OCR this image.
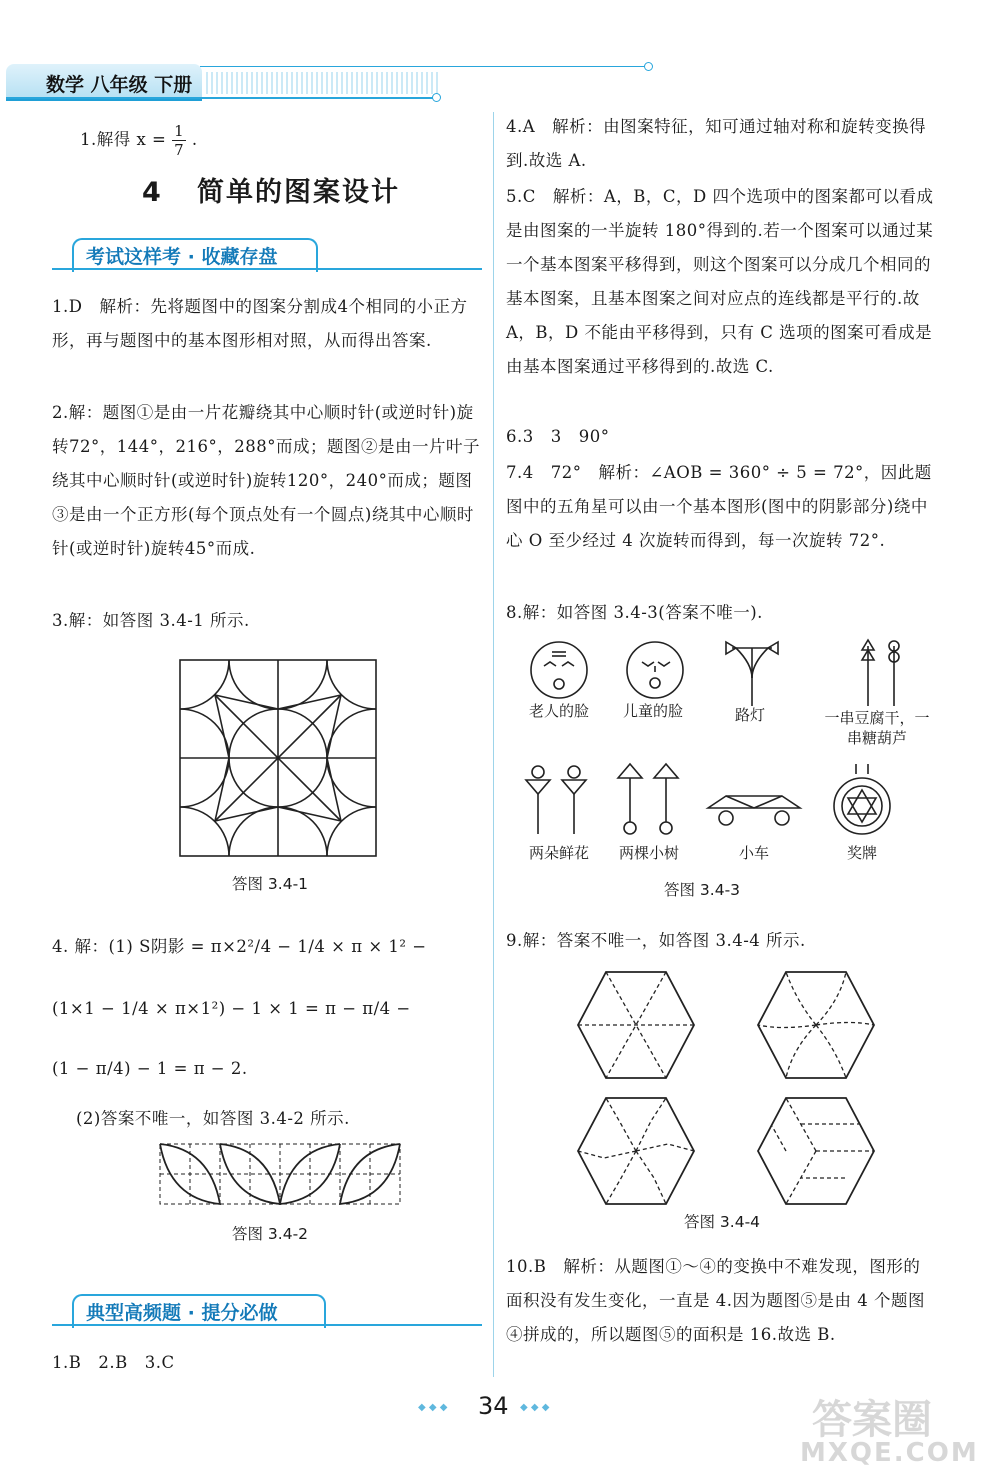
数学 八年级 下册
1.解得 $x = \frac{1}{7}$ .
4 简单的图案设计
考试这样考 · 收藏存盘
1.D　解析：先将题图中的图案分割成4个相同的小正方形，再与题图中的基本图形相对照，从而得出答案.
2.解：题图①是由一片花瓣绕其中心顺时针(或逆时针)旋转72°，144°，216°，288°而成；题图②是由一片叶子绕其中心顺时针(或逆时针)旋转120°，240°而成；题图③是由一个正方形(每个顶点处有一个圆点)绕其中心顺时针(或逆时针)旋转45°而成.
3.解：如答图 3.4-1 所示.
答图 3.4-1
4. 解：(1) S阴影 = π×2²/4 − 1/4 × π × 1² −
(1×1 − 1/4 × π×1²) − 1 × 1 = π − π/4 −
(1 − π/4) − 1 = π − 2.
(2)答案不唯一，如答图 3.4-2 所示.
答图 3.4-2
典型高频题 · 提分必做
1.B　2.B　3.C
4.A　解析：由图案特征，知可通过轴对称和旋转变换得到.故选 A.
5.C　解析：A，B，C，D 四个选项中的图案都可以看成是由图案的一半旋转 180°得到的.若一个图案可以通过某一个基本图案平移得到，则这个图案可以分成几个相同的基本图案，且基本图案之间对应点的连线都是平行的.故 A，B，D 不能由平移得到，只有 C 选项的图案可看成是由基本图案通过平移得到的.故选 C.
6.3　3　90°
7.4　72°　解析：∠AOB = 360° ÷ 5 = 72°，因此题图中的五角星可以由一个基本图形(图中的阴影部分)绕中心 O 至少经过 4 次旋转而得到，每一次旋转 72°.
8.解：如答图 3.4-3(答案不唯一).
老人的脸	儿童的脸	路灯	一串豆腐干，一串糖葫芦
两朵鲜花	两棵小树	小车	奖牌
答图 3.4-3
9.解：答案不唯一，如答图 3.4-4 所示.
答图 3.4-4
10.B　解析：从题图①～④的变换中不难发现，图形的面积没有发生变化，一直是 4.因为题图⑤是由 4 个题图④拼成的，所以题图⑤的面积是 16.故选 B.
◆ ◆ ◆ 34 ◆ ◆ ◆	答案圈
MXQE.COM
